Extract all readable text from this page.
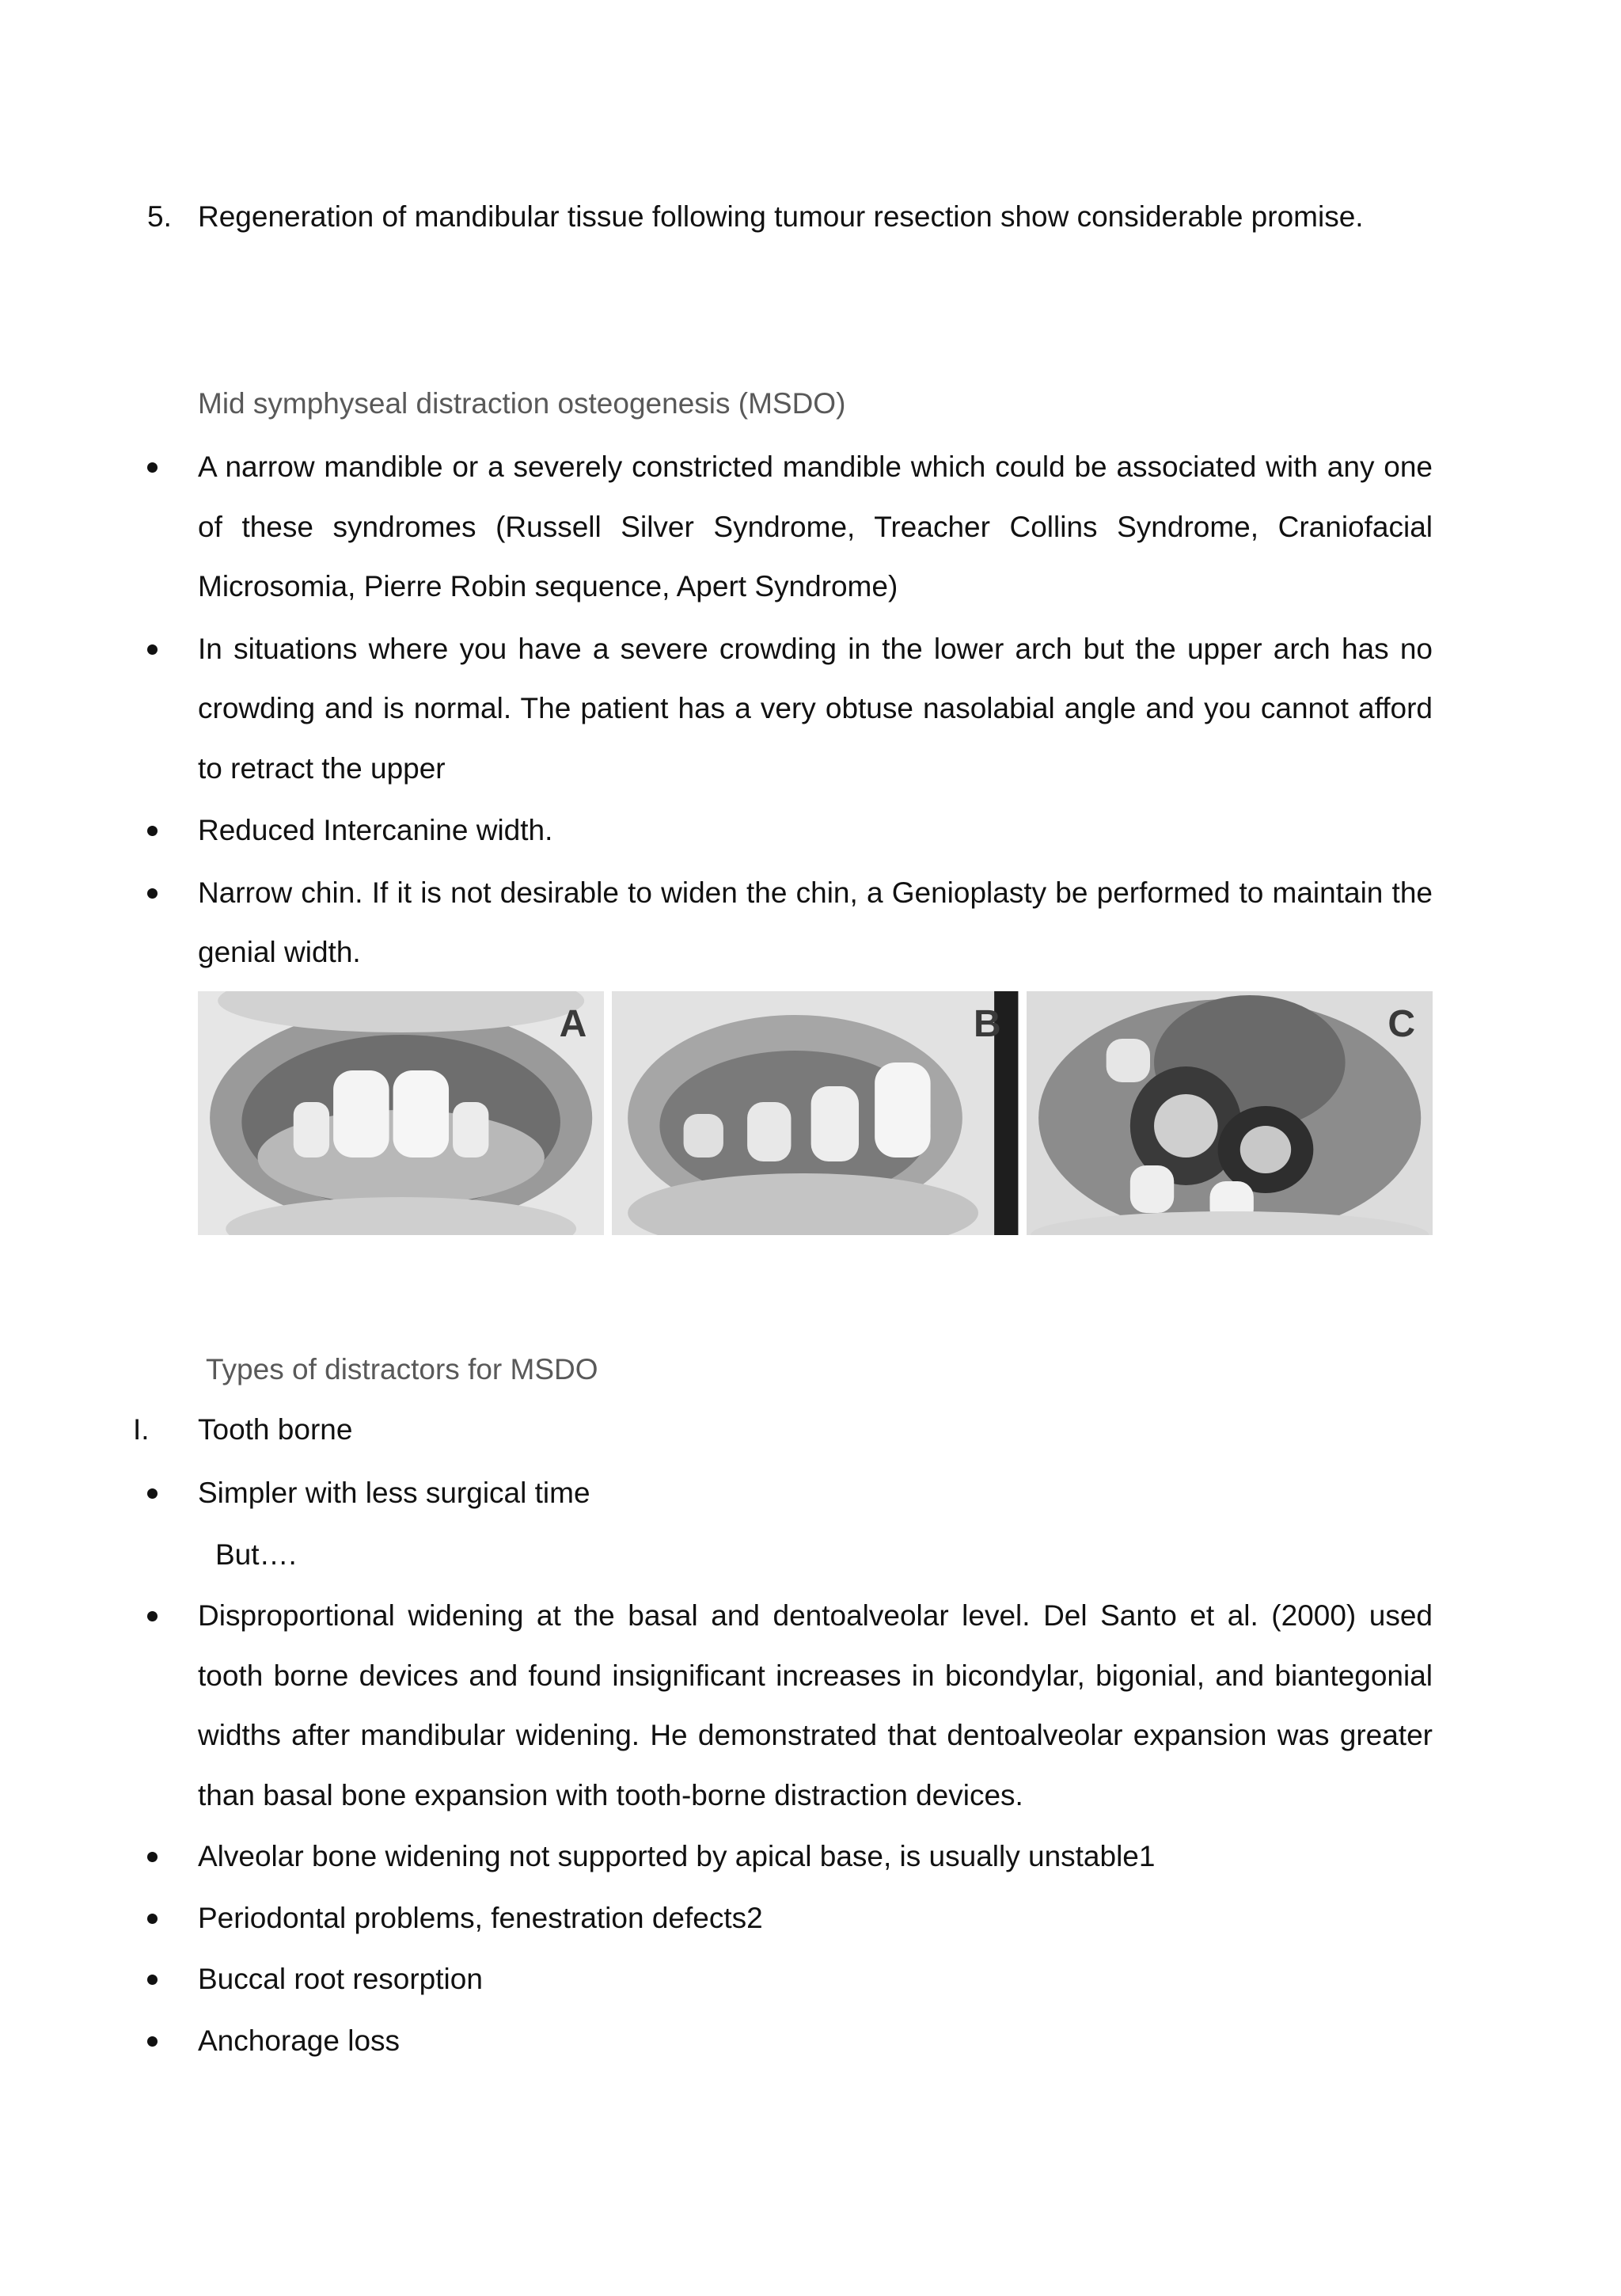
5. Regeneration of mandibular tissue following tumour resection show considerable promise.
Mid symphyseal distraction osteogenesis (MSDO)
A narrow mandible or a severely constricted mandible which could be associated with any one of these syndromes (Russell Silver Syndrome, Treacher Collins Syndrome, Craniofacial Microsomia, Pierre Robin sequence, Apert Syndrome)
In situations where you have a severe crowding in the lower arch but the upper arch has no crowding and is normal. The patient has a very obtuse nasolabial angle and you cannot afford to retract the upper
Reduced Intercanine width.
Narrow chin. If it is not desirable to widen the chin, a Genioplasty be performed to maintain the genial width.
A	B	C
Types of distractors for MSDO
I. Tooth borne
Simpler with less surgical time
But….
Disproportional widening at the basal and dentoalveolar level. Del Santo et al. (2000) used tooth borne devices and found insignificant increases in bicondylar, bigonial, and biantegonial widths after mandibular widening. He demonstrated that dentoalveolar expansion was greater than basal bone expansion with tooth-borne distraction devices.
Alveolar bone widening not supported by apical base, is usually unstable1
Periodontal problems, fenestration defects2
Buccal root resorption
Anchorage loss
